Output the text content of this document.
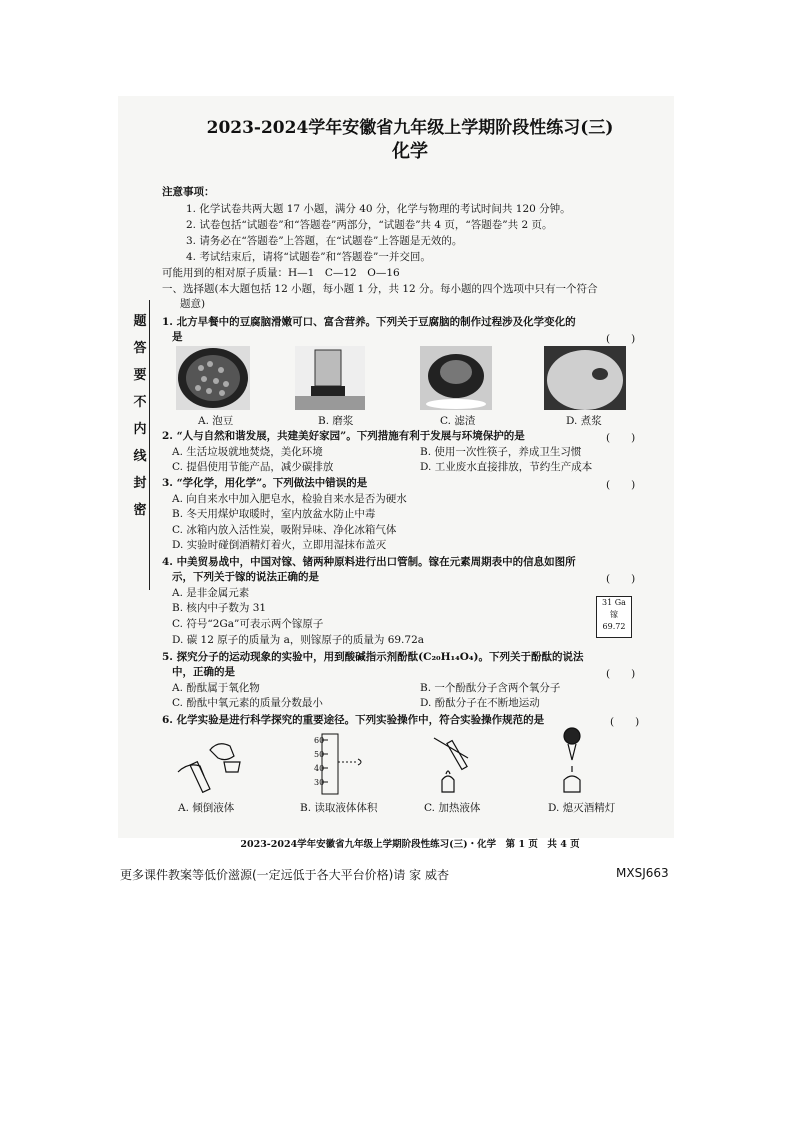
题
答
要
不
内
线
封
密
2023-2024学年安徽省九年级上学期阶段性练习(三)
化学
注意事项：
1. 化学试卷共两大题 17 小题，满分 40 分，化学与物理的考试时间共 120 分钟。
2. 试卷包括“试题卷”和“答题卷”两部分，“试题卷”共 4 页，“答题卷”共 2 页。
3. 请务必在“答题卷”上答题，在“试题卷”上答题是无效的。
4. 考试结束后，请将“试题卷”和“答题卷”一并交回。
可能用到的相对原子质量：H—1　C—12　O—16
一、选择题(本大题包括 12 小题，每小题 1 分，共 12 分。每小题的四个选项中只有一个符合
题意)
1. 北方早餐中的豆腐脑滑嫩可口、富含营养。下列关于豆腐脑的制作过程涉及化学变化的
是	(　　)
A. 泡豆	B. 磨浆	C. 滤渣	D. 煮浆
2. “人与自然和谐发展，共建美好家园”。下列措施有利于发展与环境保护的是	(　　)
A. 生活垃圾就地焚烧，美化环境	B. 使用一次性筷子，养成卫生习惯
C. 提倡使用节能产品，减少碳排放	D. 工业废水直接排放，节约生产成本
3. “学化学，用化学”。下列做法中错误的是	(　　)
A. 向自来水中加入肥皂水，检验自来水是否为硬水
B. 冬天用煤炉取暖时，室内放盆水防止中毒
C. 冰箱内放入活性炭，吸附异味、净化冰箱气体
D. 实验时碰倒酒精灯着火，立即用湿抹布盖灭
4. 中美贸易战中，中国对镓、锗两种原料进行出口管制。镓在元素周期表中的信息如图所
示，下列关于镓的说法正确的是	(　　)
A. 是非金属元素
B. 核内中子数为 31
C. 符号“2Ga”可表示两个镓原子
D. 碳 12 原子的质量为 a，则镓原子的质量为 69.72a
31 Ga
镓
69.72
5. 探究分子的运动现象的实验中，用到酸碱指示剂酚酞(C₂₀H₁₄O₄)。下列关于酚酞的说法
中，正确的是	(　　)
A. 酚酞属于氧化物	B. 一个酚酞分子含两个氧分子
C. 酚酞中氧元素的质量分数最小	D. 酚酞分子在不断地运动
6. 化学实验是进行科学探究的重要途径。下列实验操作中，符合实验操作规范的是	(　　)
60
50
40
30
A. 倾倒液体	B. 读取液体体积	C. 加热液体	D. 熄灭酒精灯
2023-2024学年安徽省九年级上学期阶段性练习(三)・化学　第 1 页　共 4 页
更多课件教案等低价滋源(一定远低于各大平台价格)请 家 威杏	MXSJ663
